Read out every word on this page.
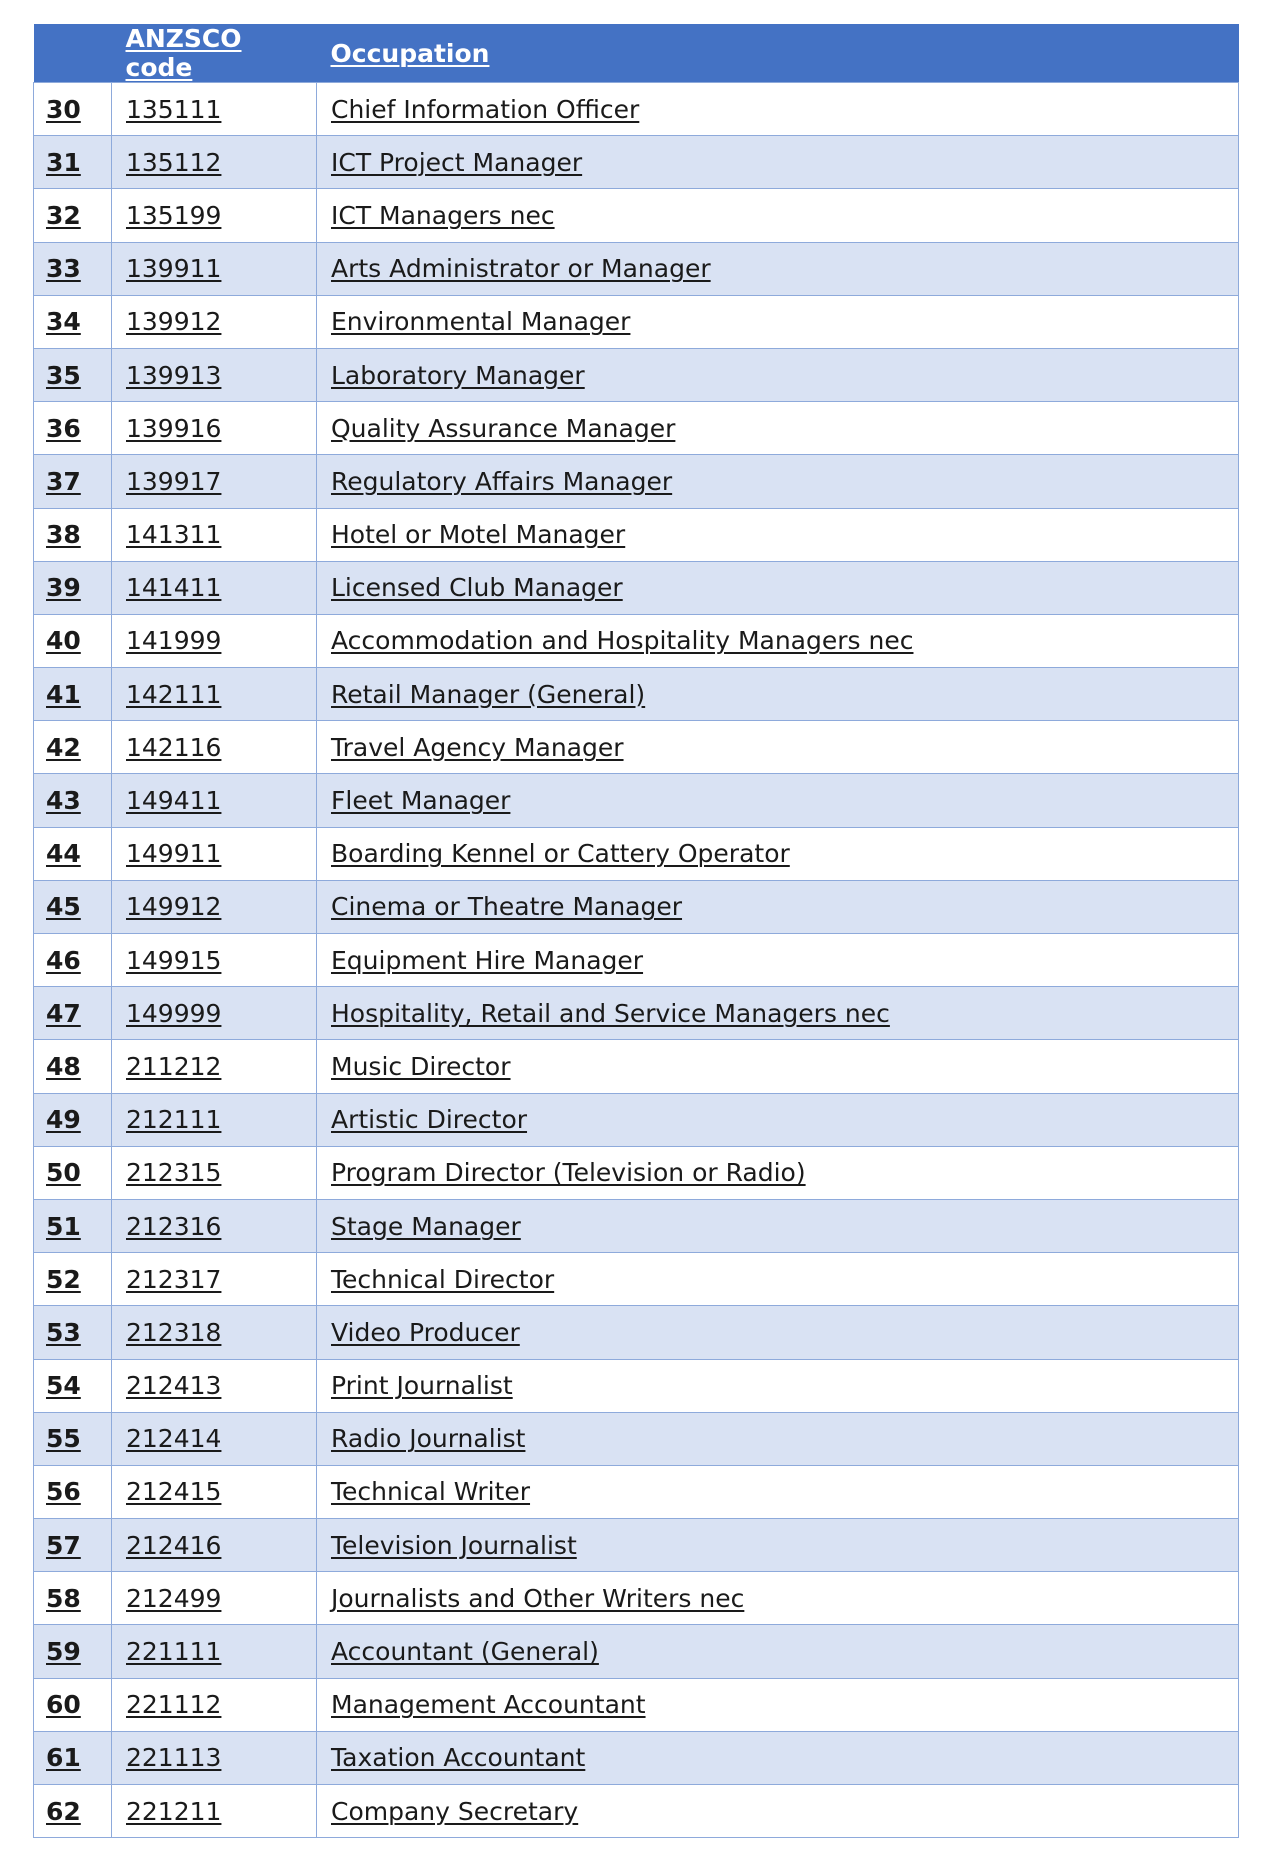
	ANZSCO code	Occupation
30	135111	Chief Information Officer
31	135112	ICT Project Manager
32	135199	ICT Managers nec
33	139911	Arts Administrator or Manager
34	139912	Environmental Manager
35	139913	Laboratory Manager
36	139916	Quality Assurance Manager
37	139917	Regulatory Affairs Manager
38	141311	Hotel or Motel Manager
39	141411	Licensed Club Manager
40	141999	Accommodation and Hospitality Managers nec
41	142111	Retail Manager (General)
42	142116	Travel Agency Manager
43	149411	Fleet Manager
44	149911	Boarding Kennel or Cattery Operator
45	149912	Cinema or Theatre Manager
46	149915	Equipment Hire Manager
47	149999	Hospitality, Retail and Service Managers nec
48	211212	Music Director
49	212111	Artistic Director
50	212315	Program Director (Television or Radio)
51	212316	Stage Manager
52	212317	Technical Director
53	212318	Video Producer
54	212413	Print Journalist
55	212414	Radio Journalist
56	212415	Technical Writer
57	212416	Television Journalist
58	212499	Journalists and Other Writers nec
59	221111	Accountant (General)
60	221112	Management Accountant
61	221113	Taxation Accountant
62	221211	Company Secretary
